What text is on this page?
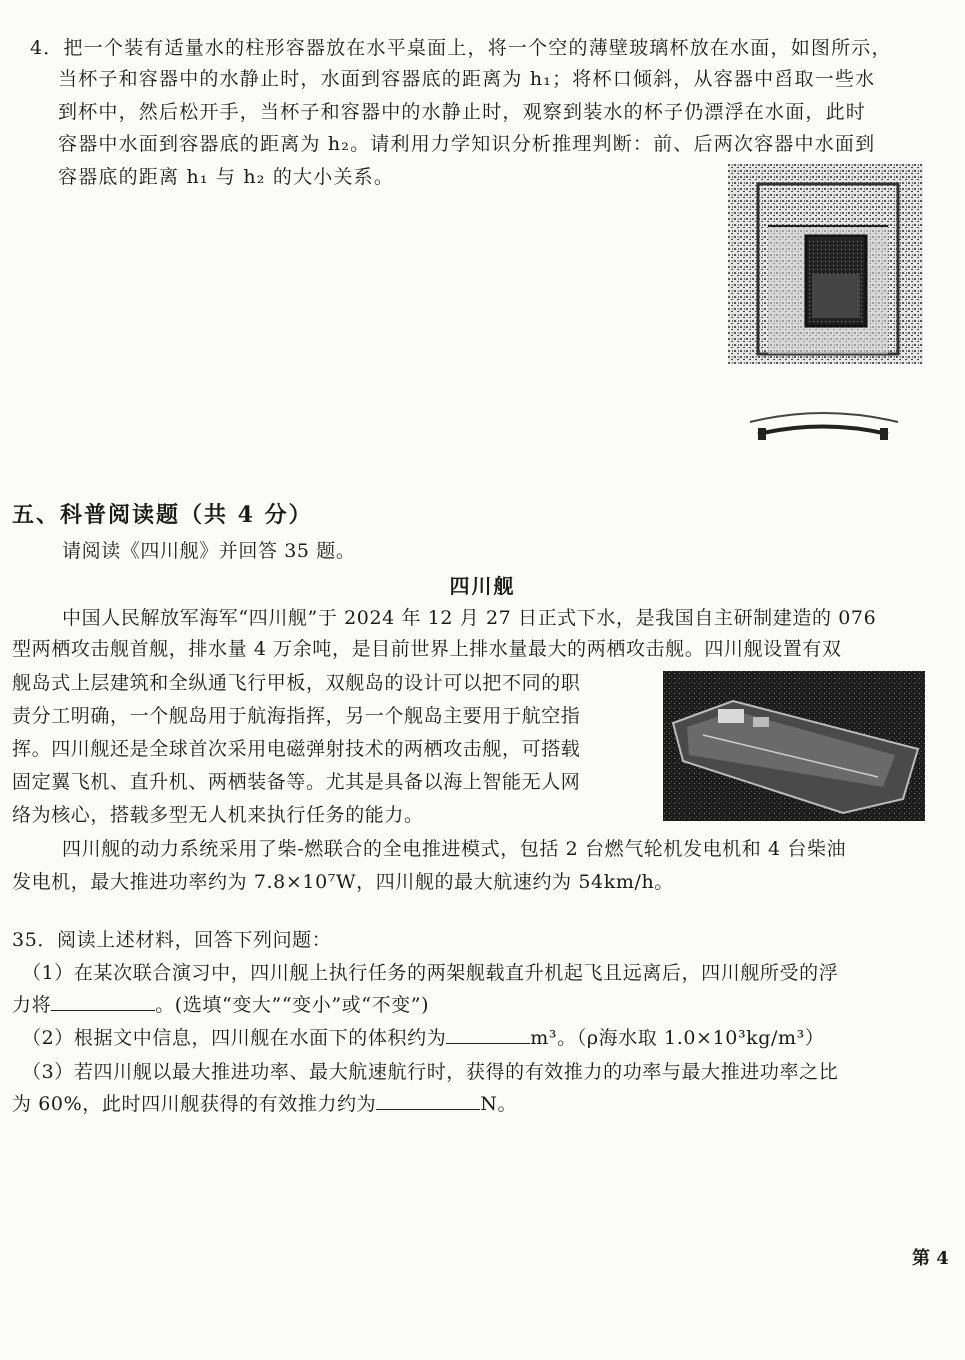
4．把一个装有适量水的柱形容器放在水平桌面上，将一个空的薄壁玻璃杯放在水面，如图所示，
当杯子和容器中的水静止时，水面到容器底的距离为 h₁；将杯口倾斜，从容器中舀取一些水
到杯中，然后松开手，当杯子和容器中的水静止时，观察到装水的杯子仍漂浮在水面，此时
容器中水面到容器底的距离为 h₂。请利用力学知识分析推理判断：前、后两次容器中水面到
容器底的距离 h₁ 与 h₂ 的大小关系。
五、科普阅读题（共 4 分）
请阅读《四川舰》并回答 35 题。
四川舰
中国人民解放军海军“四川舰”于 2024 年 12 月 27 日正式下水，是我国自主研制建造的 076
型两栖攻击舰首舰，排水量 4 万余吨，是目前世界上排水量最大的两栖攻击舰。四川舰设置有双
舰岛式上层建筑和全纵通飞行甲板，双舰岛的设计可以把不同的职
责分工明确，一个舰岛用于航海指挥，另一个舰岛主要用于航空指
挥。四川舰还是全球首次采用电磁弹射技术的两栖攻击舰，可搭载
固定翼飞机、直升机、两栖装备等。尤其是具备以海上智能无人网
络为核心，搭载多型无人机来执行任务的能力。
四川舰的动力系统采用了柴-燃联合的全电推进模式，包括 2 台燃气轮机发电机和 4 台柴油
发电机，最大推进功率约为 7.8×10⁷W，四川舰的最大航速约为 54km/h。
35．阅读上述材料，回答下列问题：
（1）在某次联合演习中，四川舰上执行任务的两架舰载直升机起飞且远离后，四川舰所受的浮
力将	。(选填“变大”“变小”或“不变”)
（2）根据文中信息，四川舰在水面下的体积约为	m³。（ρ海水取 1.0×10³kg/m³）
（3）若四川舰以最大推进功率、最大航速航行时，获得的有效推力的功率与最大推进功率之比
为 60%，此时四川舰获得的有效推力约为	N。
第 4
